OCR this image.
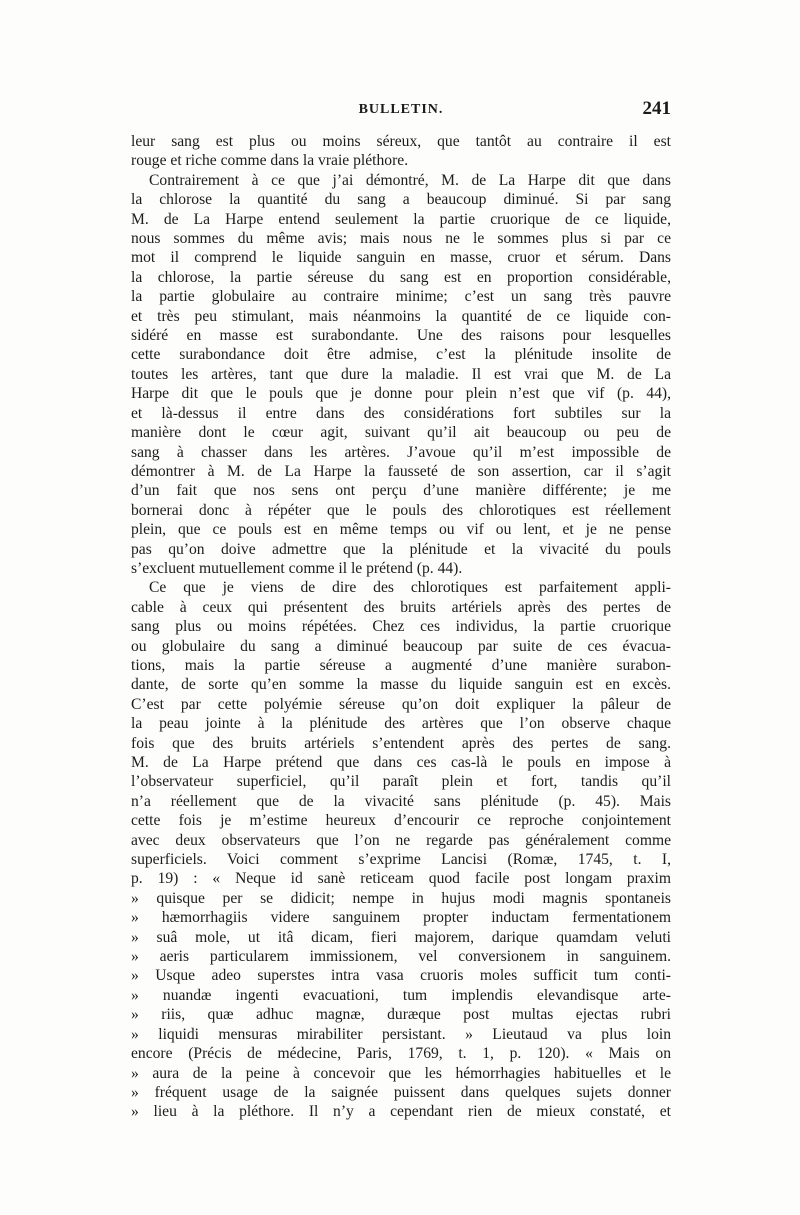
BULLETIN.	241
leur sang est plus ou moins séreux, que tantôt au contraire il est
rouge et riche comme dans la vraie pléthore.
Contrairement à ce que j’ai démontré, M. de La Harpe dit que dans
la chlorose la quantité du sang a beaucoup diminué. Si par sang
M. de La Harpe entend seulement la partie cruorique de ce liquide,
nous sommes du même avis; mais nous ne le sommes plus si par ce
mot il comprend le liquide sanguin en masse, cruor et sérum. Dans
la chlorose, la partie séreuse du sang est en proportion considérable,
la partie globulaire au contraire minime; c’est un sang très pauvre
et très peu stimulant, mais néanmoins la quantité de ce liquide con-
sidéré en masse est surabondante. Une des raisons pour lesquelles
cette surabondance doit être admise, c’est la plénitude insolite de
toutes les artères, tant que dure la maladie. Il est vrai que M. de La
Harpe dit que le pouls que je donne pour plein n’est que vif (p. 44),
et là-dessus il entre dans des considérations fort subtiles sur la
manière dont le cœur agit, suivant qu’il ait beaucoup ou peu de
sang à chasser dans les artères. J’avoue qu’il m’est impossible de
démontrer à M. de La Harpe la fausseté de son assertion, car il s’agit
d’un fait que nos sens ont perçu d’une manière différente; je me
bornerai donc à répéter que le pouls des chlorotiques est réellement
plein, que ce pouls est en même temps ou vif ou lent, et je ne pense
pas qu’on doive admettre que la plénitude et la vivacité du pouls
s’excluent mutuellement comme il le prétend (p. 44).
Ce que je viens de dire des chlorotiques est parfaitement appli-
cable à ceux qui présentent des bruits artériels après des pertes de
sang plus ou moins répétées. Chez ces individus, la partie cruorique
ou globulaire du sang a diminué beaucoup par suite de ces évacua-
tions, mais la partie séreuse a augmenté d’une manière surabon-
dante, de sorte qu’en somme la masse du liquide sanguin est en excès.
C’est par cette polyémie séreuse qu’on doit expliquer la pâleur de
la peau jointe à la plénitude des artères que l’on observe chaque
fois que des bruits artériels s’entendent après des pertes de sang.
M. de La Harpe prétend que dans ces cas-là le pouls en impose à
l’observateur superficiel, qu’il paraît plein et fort, tandis qu’il
n’a réellement que de la vivacité sans plénitude (p. 45). Mais
cette fois je m’estime heureux d’encourir ce reproche conjointement
avec deux observateurs que l’on ne regarde pas généralement comme
superficiels. Voici comment s’exprime Lancisi (Romæ, 1745, t. I,
p. 19) : « Neque id sanè reticeam quod facile post longam praxim
» quisque per se didicit; nempe in hujus modi magnis spontaneis
» hæmorrhagiis videre sanguinem propter inductam fermentationem
» suâ mole, ut itâ dicam, fieri majorem, darique quamdam veluti
» aeris particularem immissionem, vel conversionem in sanguinem.
» Usque adeo superstes intra vasa cruoris moles sufficit tum conti-
» nuandæ ingenti evacuationi, tum implendis elevandisque arte-
» riis, quæ adhuc magnæ, duræque post multas ejectas rubri
» liquidi mensuras mirabiliter persistant. » Lieutaud va plus loin
encore (Précis de médecine, Paris, 1769, t. 1, p. 120). « Mais on
» aura de la peine à concevoir que les hémorrhagies habituelles et le
» fréquent usage de la saignée puissent dans quelques sujets donner
» lieu à la pléthore. Il n’y a cependant rien de mieux constaté, et
